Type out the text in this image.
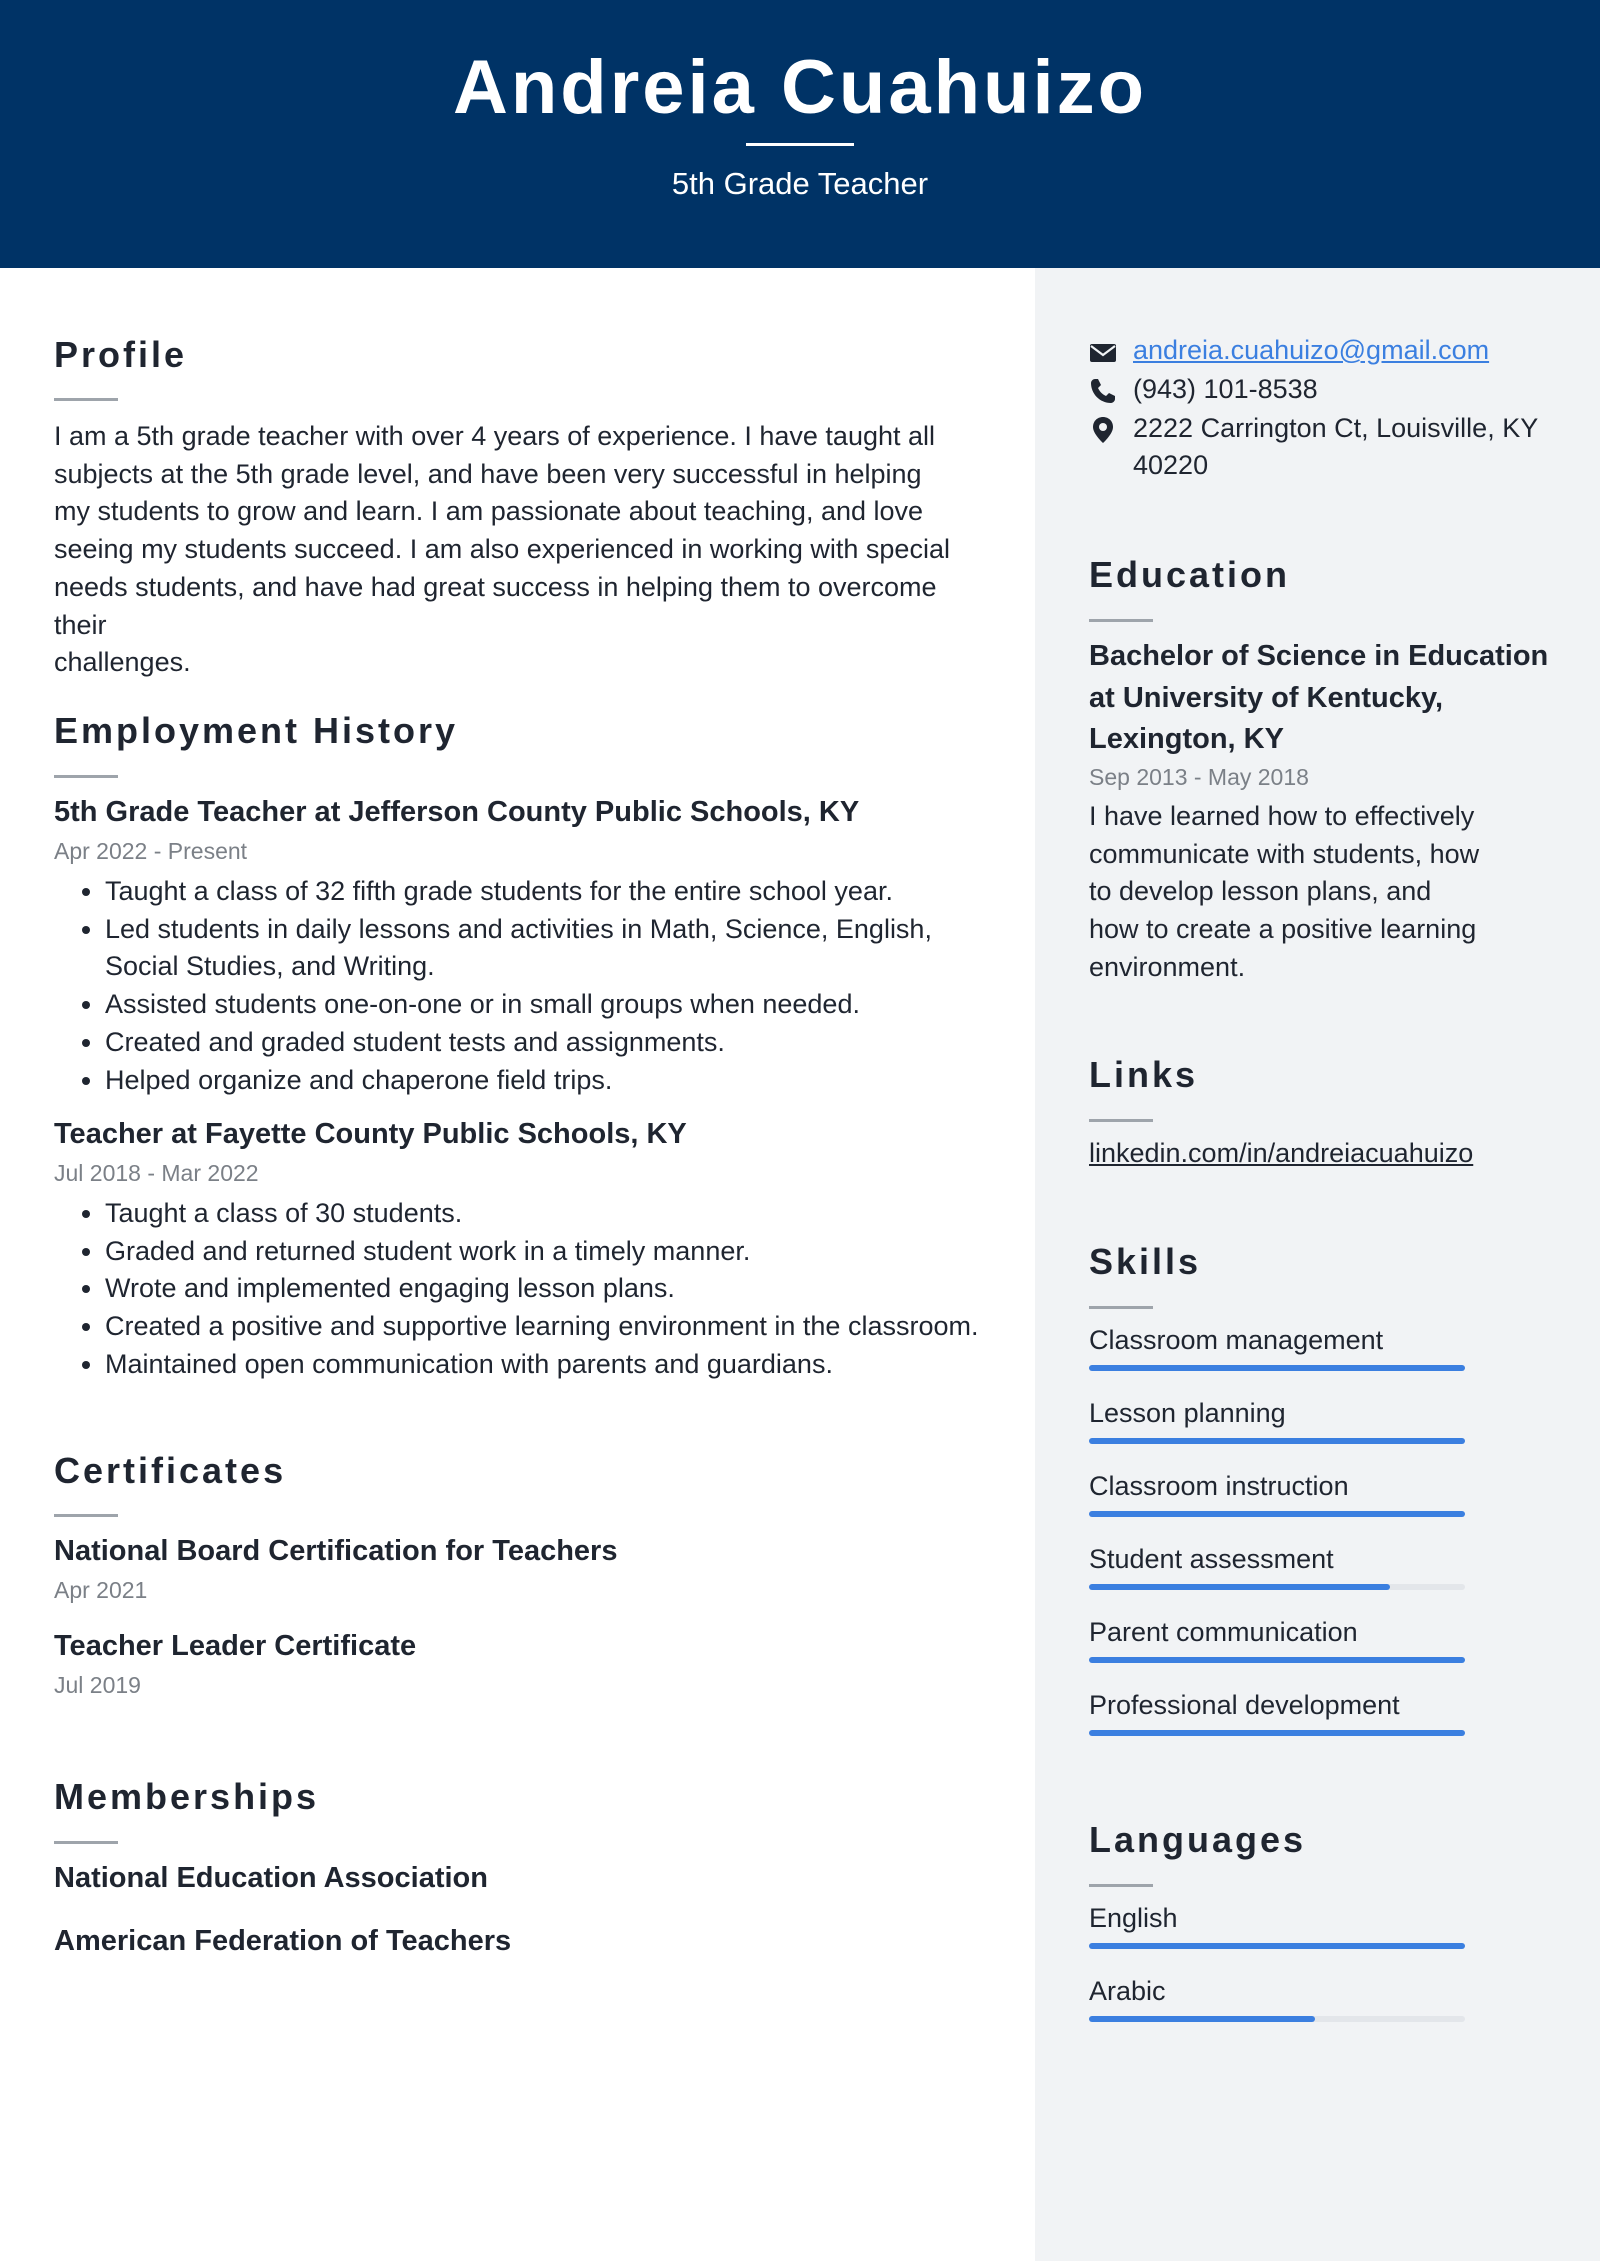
Andreia Cuahuizo
5th Grade Teacher
Profile
I am a 5th grade teacher with over 4 years of experience. I have taught all
subjects at the 5th grade level, and have been very successful in helping
my students to grow and learn. I am passionate about teaching, and love
seeing my students succeed. I am also experienced in working with special
needs students, and have had great success in helping them to overcome their
challenges.
Employment History
5th Grade Teacher at Jefferson County Public Schools, KY
Apr 2022 - Present
• Taught a class of 32 fifth grade students for the entire school year.
• Led students in daily lessons and activities in Math, Science, English, Social Studies, and Writing.
• Assisted students one-on-one or in small groups when needed.
• Created and graded student tests and assignments.
• Helped organize and chaperone field trips.
Teacher at Fayette County Public Schools, KY
Jul 2018 - Mar 2022
• Taught a class of 30 students.
• Graded and returned student work in a timely manner.
• Wrote and implemented engaging lesson plans.
• Created a positive and supportive learning environment in the classroom.
• Maintained open communication with parents and guardians.
Certificates
National Board Certification for Teachers
Apr 2021
Teacher Leader Certificate
Jul 2019
Memberships
National Education Association
American Federation of Teachers
andreia.cuahuizo@gmail.com
(943) 101-8538
2222 Carrington Ct, Louisville, KY
40220
Education
Bachelor of Science in Education
at University of Kentucky,
Lexington, KY
Sep 2013 - May 2018
I have learned how to effectively
communicate with students, how
to develop lesson plans, and
how to create a positive learning
environment.
Links
linkedin.com/in/andreiacuahuizo
Skills
Classroom management
Lesson planning
Classroom instruction
Student assessment
Parent communication
Professional development
Languages
English
Arabic
